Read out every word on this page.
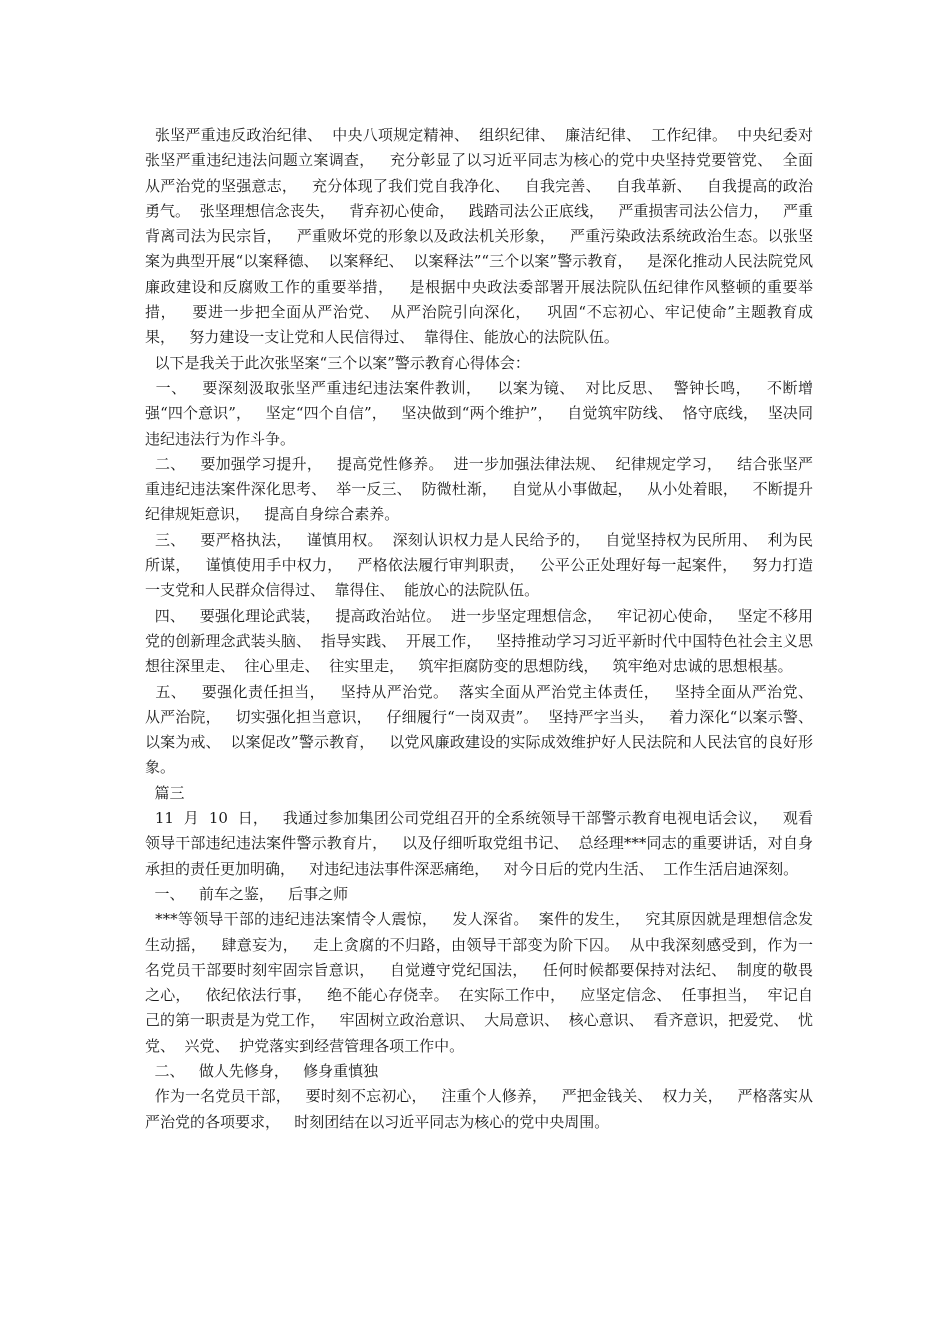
张坚严重违反政治纪律、  中央八项规定精神、  组织纪律、  廉洁纪律、  工作纪律。  中央纪委对张坚严重违纪违法问题立案调查，   充分彰显了以习近平同志为核心的党中央坚持党要管党、  全面从严治党的坚强意志，   充分体现了我们党自我净化、   自我完善、   自我革新、   自我提高的政治勇气。  张坚理想信念丧失，   背弃初心使命，   践踏司法公正底线，   严重损害司法公信力，   严重背离司法为民宗旨，   严重败坏党的形象以及政法机关形象，   严重污染政法系统政治生态。以张坚案为典型开展“以案释德、  以案释纪、  以案释法”“三个以案”警示教育，   是深化推动人民法院党风廉政建设和反腐败工作的重要举措，   是根据中央政法委部署开展法院队伍纪律作风整顿的重要举措，   要进一步把全面从严治党、  从严治院引向深化，   巩固“不忘初心、牢记使命”主题教育成果，   努力建设一支让党和人民信得过、  靠得住、能放心的法院队伍。

以下是我关于此次张坚案“三个以案”警示教育心得体会：

一、   要深刻汲取张坚严重违纪违法案件教训，   以案为镜、  对比反思、  警钟长鸣，   不断增强“四个意识”，   坚定“四个自信”，   坚决做到“两个维护”，   自觉筑牢防线、  恪守底线，  坚决同违纪违法行为作斗争。

二、   要加强学习提升，   提高党性修养。  进一步加强法律法规、  纪律规定学习，   结合张坚严重违纪违法案件深化思考、  举一反三、  防微杜渐，   自觉从小事做起，   从小处着眼，   不断提升纪律规矩意识，   提高自身综合素养。

三、   要严格执法，   谨慎用权。  深刻认识权力是人民给予的，   自觉坚持权为民所用、  利为民所谋，   谨慎使用手中权力，   严格依法履行审判职责，   公平公正处理好每一起案件，   努力打造一支党和人民群众信得过、  靠得住、  能放心的法院队伍。

四、   要强化理论武装，   提高政治站位。  进一步坚定理想信念，   牢记初心使命，   坚定不移用党的创新理念武装头脑、  指导实践、  开展工作，   坚持推动学习习近平新时代中国特色社会主义思想往深里走、  往心里走、  往实里走，   筑牢拒腐防变的思想防线，   筑牢绝对忠诚的思想根基。

五、   要强化责任担当，   坚持从严治党。  落实全面从严治党主体责任，   坚持全面从严治党、  从严治院，   切实强化担当意识，   仔细履行“一岗双责”。  坚持严字当头，   着力深化“以案示警、  以案为戒、  以案促改”警示教育，   以党风廉政建设的实际成效维护好人民法院和人民法官的良好形象。

篇三

11  月  10  日，   我通过参加集团公司党组召开的全系统领导干部警示教育电视电话会议，   观看领导干部违纪违法案件警示教育片，   以及仔细听取党组书记、  总经理***同志的重要讲话，对自身承担的责任更加明确，   对违纪违法事件深恶痛绝，   对今日后的党内生活、  工作生活启迪深刻。

一、   前车之鉴，   后事之师

***等领导干部的违纪违法案情令人震惊，   发人深省。  案件的发生，   究其原因就是理想信念发生动摇，   肆意妄为，   走上贪腐的不归路，由领导干部变为阶下囚。  从中我深刻感受到，作为一名党员干部要时刻牢固宗旨意识，   自觉遵守党纪国法，   任何时候都要保持对法纪、  制度的敬畏之心，   依纪依法行事，   绝不能心存侥幸。  在实际工作中，   应坚定信念、  任事担当，  牢记自己的第一职责是为党工作，   牢固树立政治意识、  大局意识、  核心意识、  看齐意识，把爱党、  忧党、  兴党、  护党落实到经营管理各项工作中。

二、   做人先修身，   修身重慎独

作为一名党员干部，   要时刻不忘初心，   注重个人修养，   严把金钱关、  权力关，   严格落实从严治党的各项要求，   时刻团结在以习近平同志为核心的党中央周围。
